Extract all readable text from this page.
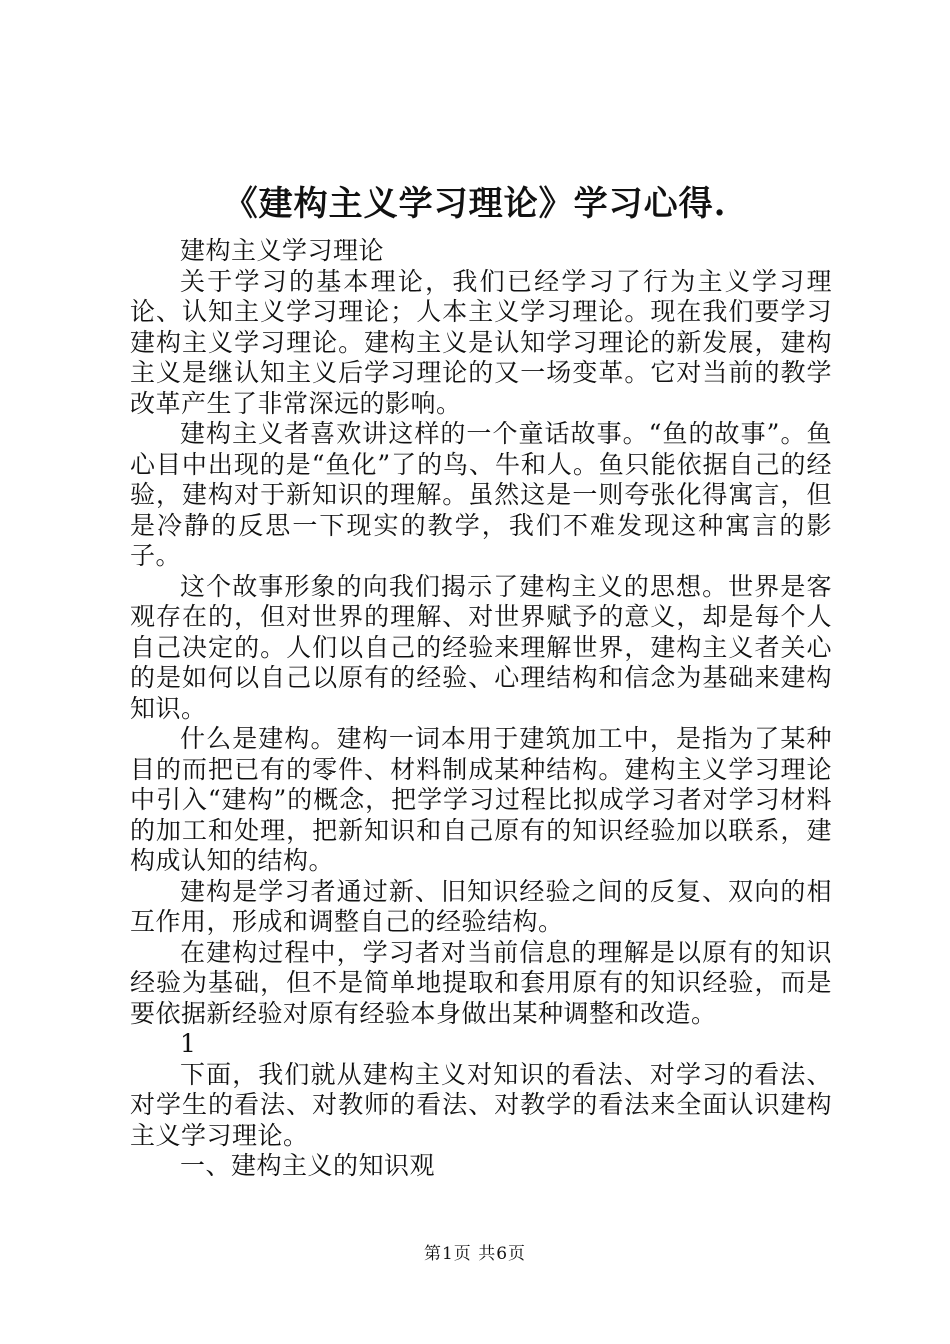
《建构主义学习理论》学习心得.

建构主义学习理论

关于学习的基本理论，我们已经学习了行为主义学习理论、认知主义学习理论；人本主义学习理论。现在我们要学习建构主义学习理论。建构主义是认知学习理论的新发展，建构主义是继认知主义后学习理论的又一场变革。它对当前的教学改革产生了非常深远的影响。

建构主义者喜欢讲这样的一个童话故事。“鱼的故事”。鱼心目中出现的是“鱼化”了的鸟、牛和人。鱼只能依据自己的经验，建构对于新知识的理解。虽然这是一则夸张化得寓言，但是冷静的反思一下现实的教学，我们不难发现这种寓言的影子。

这个故事形象的向我们揭示了建构主义的思想。世界是客观存在的，但对世界的理解、对世界赋予的意义，却是每个人自己决定的。人们以自己的经验来理解世界，建构主义者关心的是如何以自己以原有的经验、心理结构和信念为基础来建构知识。

什么是建构。建构一词本用于建筑加工中，是指为了某种目的而把已有的零件、材料制成某种结构。建构主义学习理论中引入“建构”的概念，把学学习过程比拟成学习者对学习材料的加工和处理，把新知识和自己原有的知识经验加以联系，建构成认知的结构。

建构是学习者通过新、旧知识经验之间的反复、双向的相互作用，形成和调整自己的经验结构。

在建构过程中，学习者对当前信息的理解是以原有的知识经验为基础，但不是简单地提取和套用原有的知识经验，而是要依据新经验对原有经验本身做出某种调整和改造。

1

下面，我们就从建构主义对知识的看法、对学习的看法、对学生的看法、对教师的看法、对教学的看法来全面认识建构主义学习理论。

一、建构主义的知识观

第1页 共6页
